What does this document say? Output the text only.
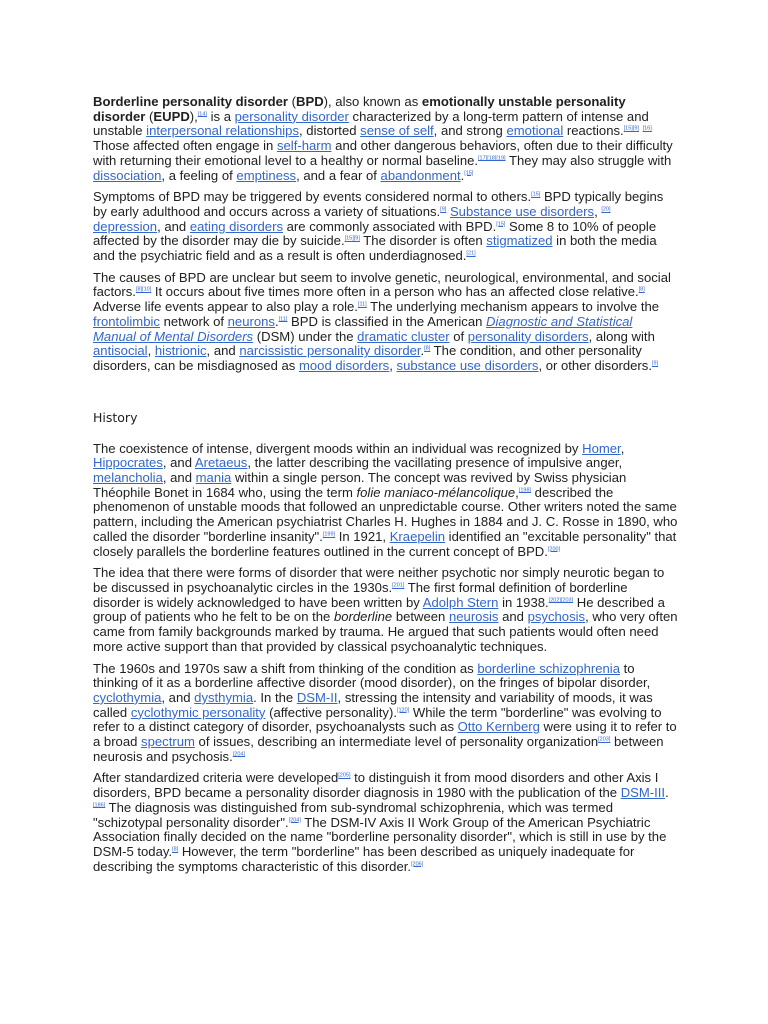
Borderline personality disorder (BPD), also known as emotionally unstable personality disorder (EUPD),[14] is a personality disorder characterized by a long-term pattern of intense and unstable interpersonal relationships, distorted sense of self, and strong emotional reactions.[15][9] [16] Those affected often engage in self-harm and other dangerous behaviors, often due to their difficulty with returning their emotional level to a healthy or normal baseline.[17][18][19] They may also struggle with dissociation, a feeling of emptiness, and a fear of abandonment.[15]

Symptoms of BPD may be triggered by events considered normal to others.[15] BPD typically begins by early adulthood and occurs across a variety of situations.[9] Substance use disorders, [20] depression, and eating disorders are commonly associated with BPD.[15] Some 8 to 10% of people affected by the disorder may die by suicide.[15][9] The disorder is often stigmatized in both the media and the psychiatric field and as a result is often underdiagnosed.[21]

The causes of BPD are unclear but seem to involve genetic, neurological, environmental, and social factors.[8][10] It occurs about five times more often in a person who has an affected close relative.[8] Adverse life events appear to also play a role.[11] The underlying mechanism appears to involve the frontolimbic network of neurons.[11] BPD is classified in the American Diagnostic and Statistical Manual of Mental Disorders (DSM) under the dramatic cluster of personality disorders, along with antisocial, histrionic, and narcissistic personality disorder.[8] The condition, and other personality disorders, can be misdiagnosed as mood disorders, substance use disorders, or other disorders.[9]

History

The coexistence of intense, divergent moods within an individual was recognized by Homer, Hippocrates, and Aretaeus, the latter describing the vacillating presence of impulsive anger, melancholia, and mania within a single person. The concept was revived by Swiss physician Théophile Bonet in 1684 who, using the term folie maniaco-mélancolique,[198] described the phenomenon of unstable moods that followed an unpredictable course. Other writers noted the same pattern, including the American psychiatrist Charles H. Hughes in 1884 and J. C. Rosse in 1890, who called the disorder "borderline insanity".[199] In 1921, Kraepelin identified an "excitable personality" that closely parallels the borderline features outlined in the current concept of BPD.[200]

The idea that there were forms of disorder that were neither psychotic nor simply neurotic began to be discussed in psychoanalytic circles in the 1930s.[201] The first formal definition of borderline disorder is widely acknowledged to have been written by Adolph Stern in 1938.[202][203] He described a group of patients who he felt to be on the borderline between neurosis and psychosis, who very often came from family backgrounds marked by trauma. He argued that such patients would often need more active support than that provided by classical psychoanalytic techniques.

The 1960s and 1970s saw a shift from thinking of the condition as borderline schizophrenia to thinking of it as a borderline affective disorder (mood disorder), on the fringes of bipolar disorder, cyclothymia, and dysthymia. In the DSM-II, stressing the intensity and variability of moods, it was called cyclothymic personality (affective personality).[120] While the term "borderline" was evolving to refer to a distinct category of disorder, psychoanalysts such as Otto Kernberg were using it to refer to a broad spectrum of issues, describing an intermediate level of personality organization[203] between neurosis and psychosis.[204]

After standardized criteria were developed[205] to distinguish it from mood disorders and other Axis I disorders, BPD became a personality disorder diagnosis in 1980 with the publication of the DSM-III.[186] The diagnosis was distinguished from sub-syndromal schizophrenia, which was termed "schizotypal personality disorder".[204] The DSM-IV Axis II Work Group of the American Psychiatric Association finally decided on the name "borderline personality disorder", which is still in use by the DSM-5 today.[8] However, the term "borderline" has been described as uniquely inadequate for describing the symptoms characteristic of this disorder.[206]
